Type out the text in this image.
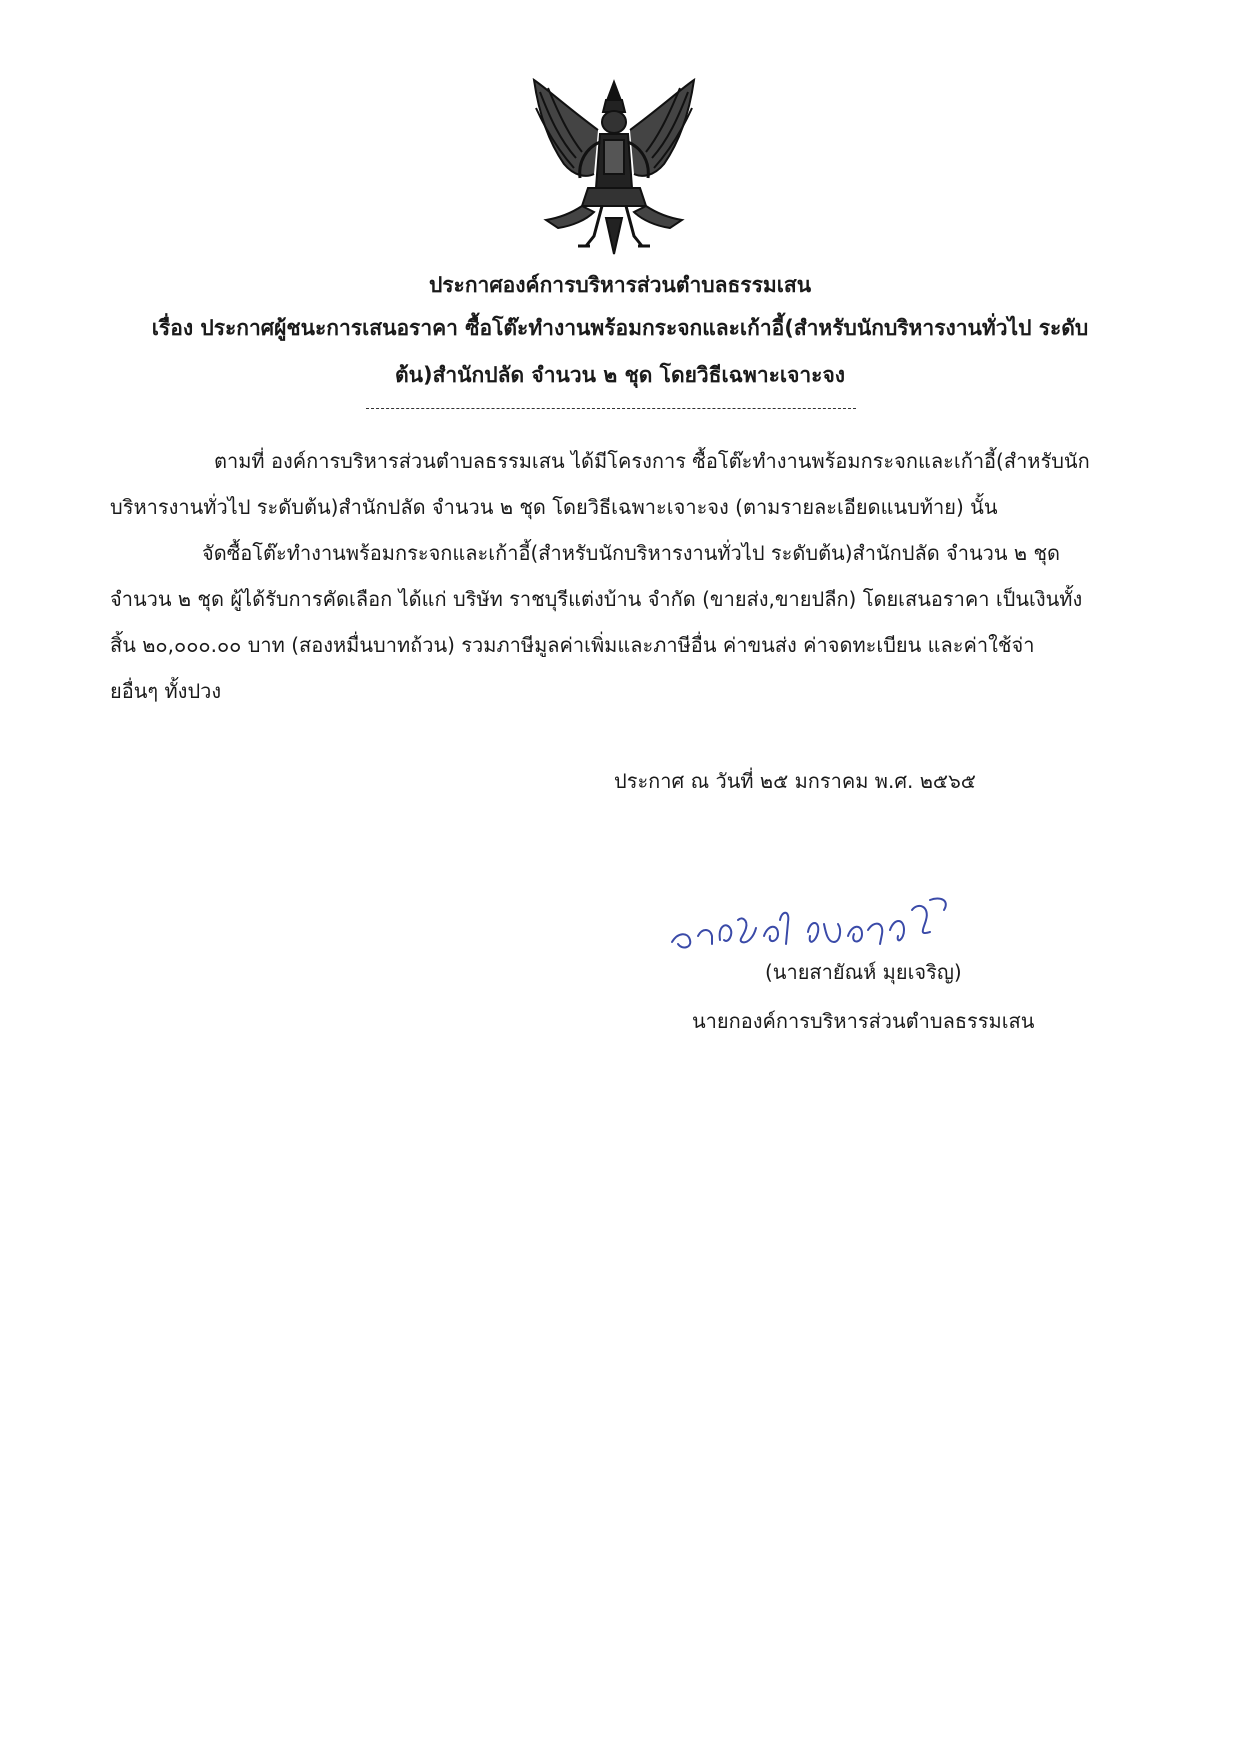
ประกาศองค์การบริหารส่วนตำบลธรรมเสน
เรื่อง ประกาศผู้ชนะการเสนอราคา ซื้อโต๊ะทำงานพร้อมกระจกและเก้าอี้(สำหรับนักบริหารงานทั่วไป ระดับ
ต้น)สำนักปลัด จำนวน ๒ ชุด โดยวิธีเฉพาะเจาะจง
ตามที่ องค์การบริหารส่วนตำบลธรรมเสน ได้มีโครงการ ซื้อโต๊ะทำงานพร้อมกระจกและเก้าอี้(สำหรับนัก
บริหารงานทั่วไป ระดับต้น)สำนักปลัด จำนวน ๒ ชุด โดยวิธีเฉพาะเจาะจง (ตามรายละเอียดแนบท้าย) นั้น
จัดซื้อโต๊ะทำงานพร้อมกระจกและเก้าอี้(สำหรับนักบริหารงานทั่วไป ระดับต้น)สำนักปลัด จำนวน ๒ ชุด
จำนวน ๒ ชุด ผู้ได้รับการคัดเลือก ได้แก่ บริษัท ราชบุรีแต่งบ้าน จำกัด (ขายส่ง,ขายปลีก) โดยเสนอราคา เป็นเงินทั้ง
สิ้น ๒๐,๐๐๐.๐๐ บาท (สองหมื่นบาทถ้วน) รวมภาษีมูลค่าเพิ่มและภาษีอื่น ค่าขนส่ง ค่าจดทะเบียน และค่าใช้จ่า
ยอื่นๆ ทั้งปวง
ประกาศ ณ วันที่ ๒๕ มกราคม พ.ศ. ๒๕๖๕
(นายสายัณห์ มุยเจริญ)
นายกองค์การบริหารส่วนตำบลธรรมเสน
